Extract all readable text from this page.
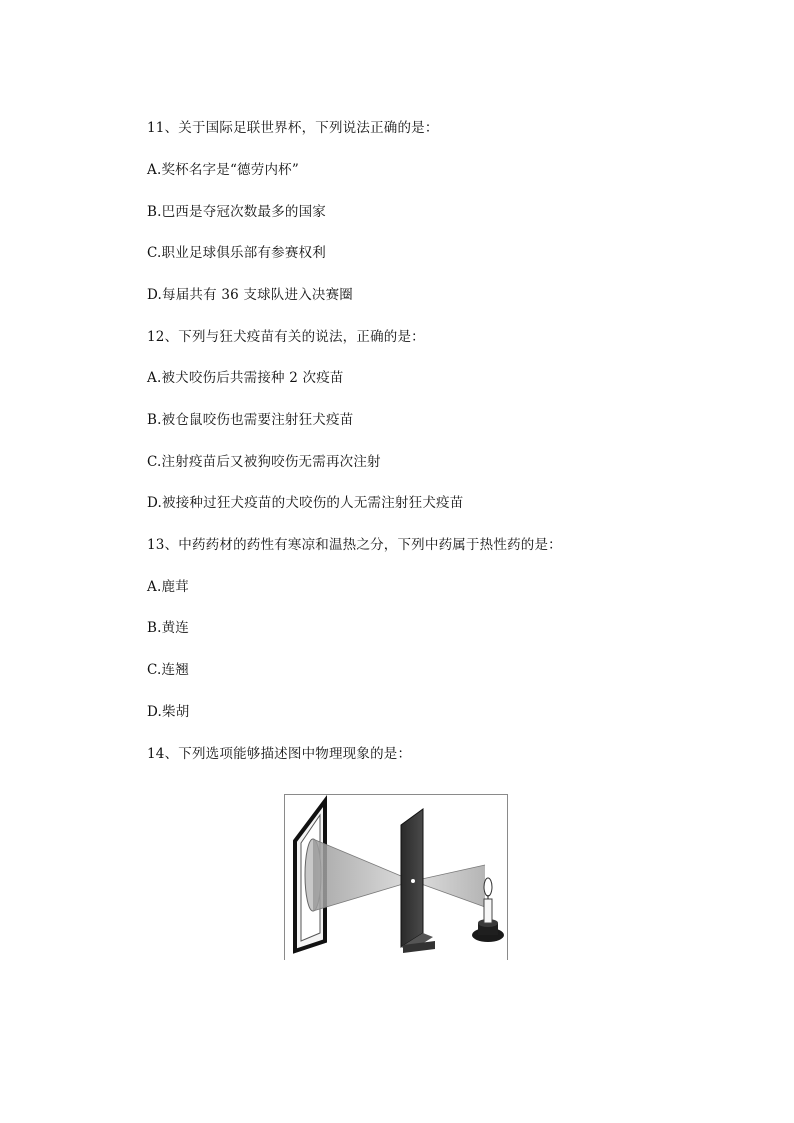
11、关于国际足联世界杯，下列说法正确的是：
A.奖杯名字是“德劳内杯”
B.巴西是夺冠次数最多的国家
C.职业足球俱乐部有参赛权利
D.每届共有 36 支球队进入决赛圈
12、下列与狂犬疫苗有关的说法，正确的是：
A.被犬咬伤后共需接种 2 次疫苗
B.被仓鼠咬伤也需要注射狂犬疫苗
C.注射疫苗后又被狗咬伤无需再次注射
D.被接种过狂犬疫苗的犬咬伤的人无需注射狂犬疫苗
13、中药药材的药性有寒凉和温热之分，下列中药属于热性药的是：
A.鹿茸
B.黄连
C.连翘
D.柴胡
14、下列选项能够描述图中物理现象的是：
